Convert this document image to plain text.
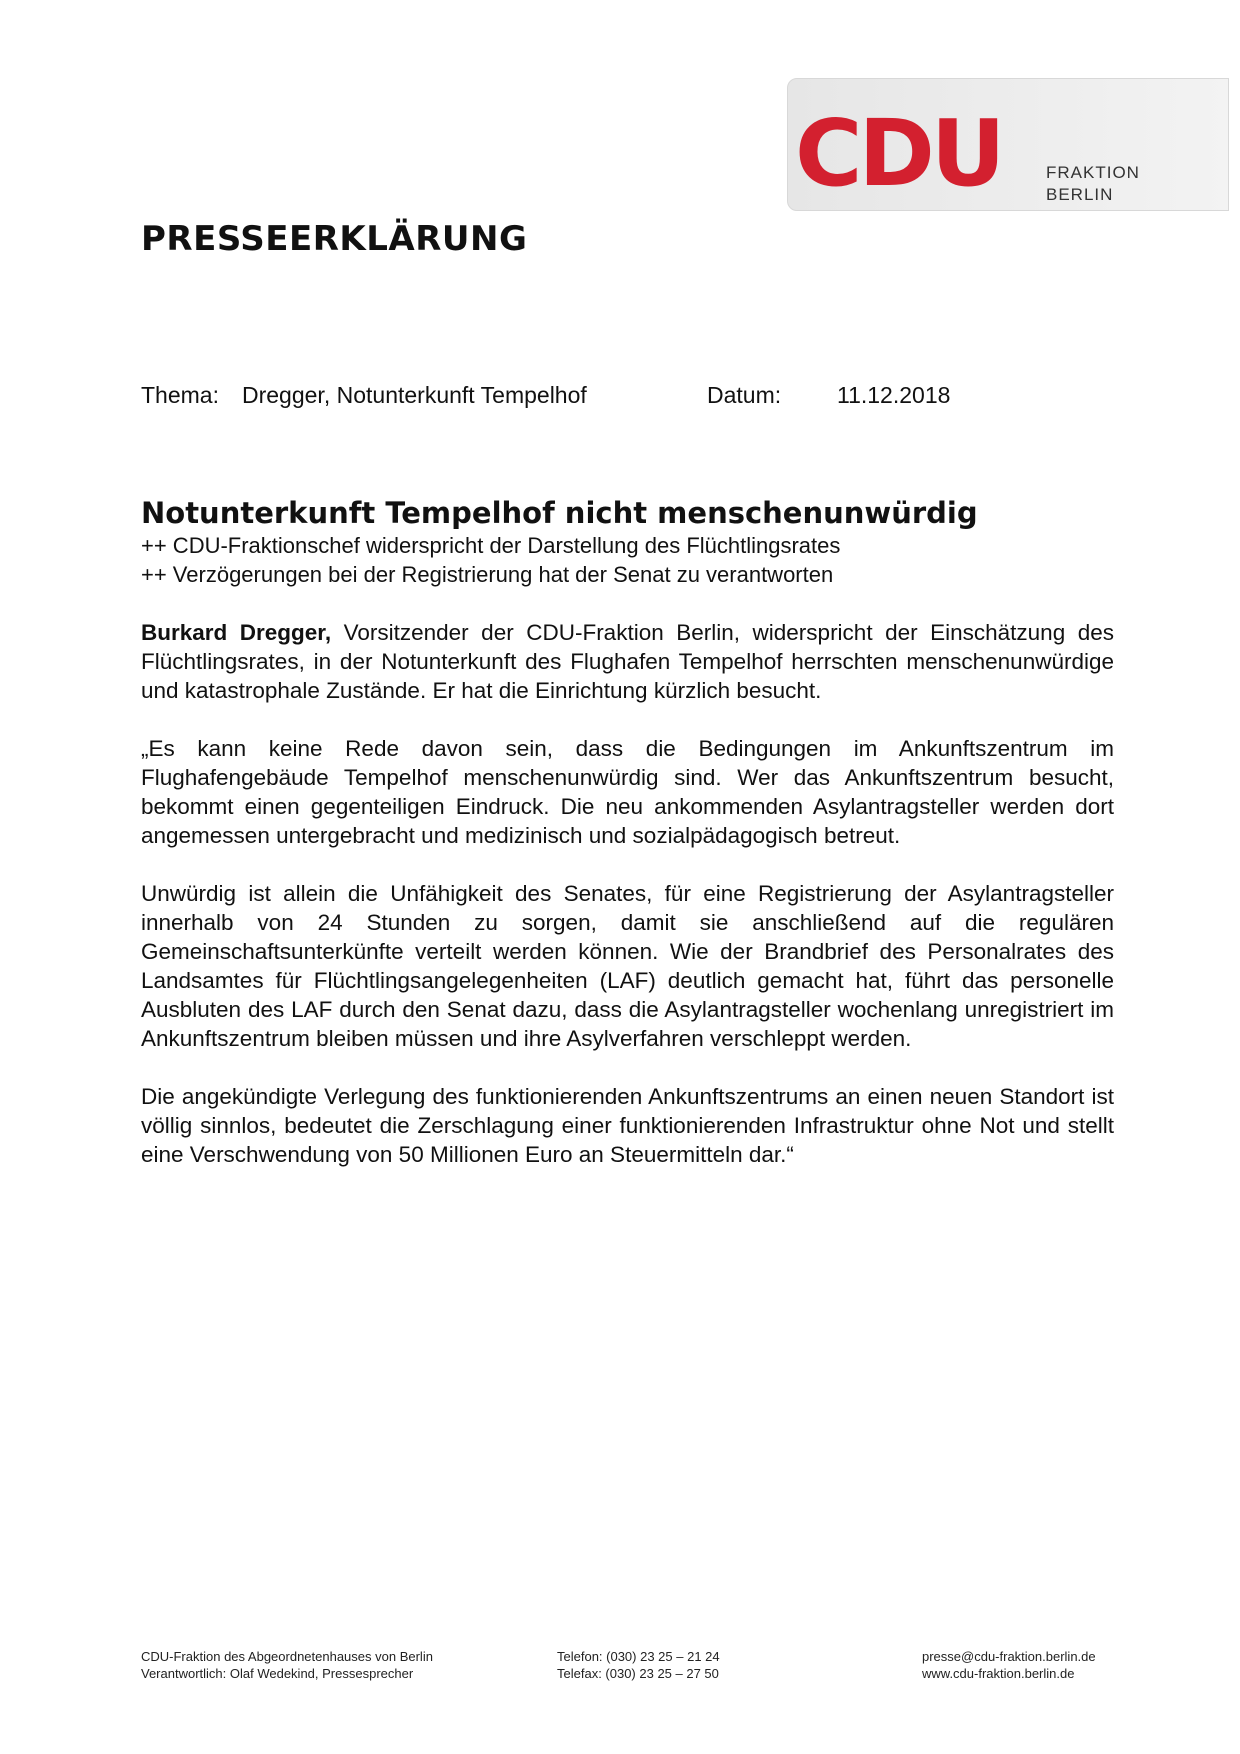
CDU	FRAKTION
BERLIN
PRESSEERKLÄRUNG
Thema: Dregger, Notunterkunft Tempelhof	Datum: 11.12.2018
Notunterkunft Tempelhof nicht menschenunwürdig
++ CDU-Fraktionschef widerspricht der Darstellung des Flüchtlingsrates
++ Verzögerungen bei der Registrierung hat der Senat zu verantworten

Burkard Dregger, Vorsitzender der CDU-Fraktion Berlin, widerspricht der Einschätzung des Flüchtlingsrates, in der Notunterkunft des Flughafen Tempelhof herrschten menschenunwürdige und katastrophale Zustände. Er hat die Einrichtung kürzlich besucht.

„Es kann keine Rede davon sein, dass die Bedingungen im Ankunftszentrum im Flughafengebäude Tempelhof menschenunwürdig sind. Wer das Ankunftszentrum besucht, bekommt einen gegenteiligen Eindruck. Die neu ankommenden Asylantragsteller werden dort angemessen untergebracht und medizinisch und sozialpädagogisch betreut.

Unwürdig ist allein die Unfähigkeit des Senates, für eine Registrierung der Asylantragsteller innerhalb von 24 Stunden zu sorgen, damit sie anschließend auf die regulären Gemeinschaftsunterkünfte verteilt werden können. Wie der Brandbrief des Personalrates des Landsamtes für Flüchtlingsangelegenheiten (LAF) deutlich gemacht hat, führt das personelle Ausbluten des LAF durch den Senat dazu, dass die Asylantragsteller wochenlang unregistriert im Ankunftszentrum bleiben müssen und ihre Asylverfahren verschleppt werden.

Die angekündigte Verlegung des funktionierenden Ankunftszentrums an einen neuen Standort ist völlig sinnlos, bedeutet die Zerschlagung einer funktionierenden Infrastruktur ohne Not und stellt eine Verschwendung von 50 Millionen Euro an Steuermitteln dar.“

CDU-Fraktion des Abgeordnetenhauses von Berlin
Verantwortlich: Olaf Wedekind, Pressesprecher
Telefon: (030) 23 25 – 21 24
Telefax: (030) 23 25 – 27 50
presse@cdu-fraktion.berlin.de
www.cdu-fraktion.berlin.de
